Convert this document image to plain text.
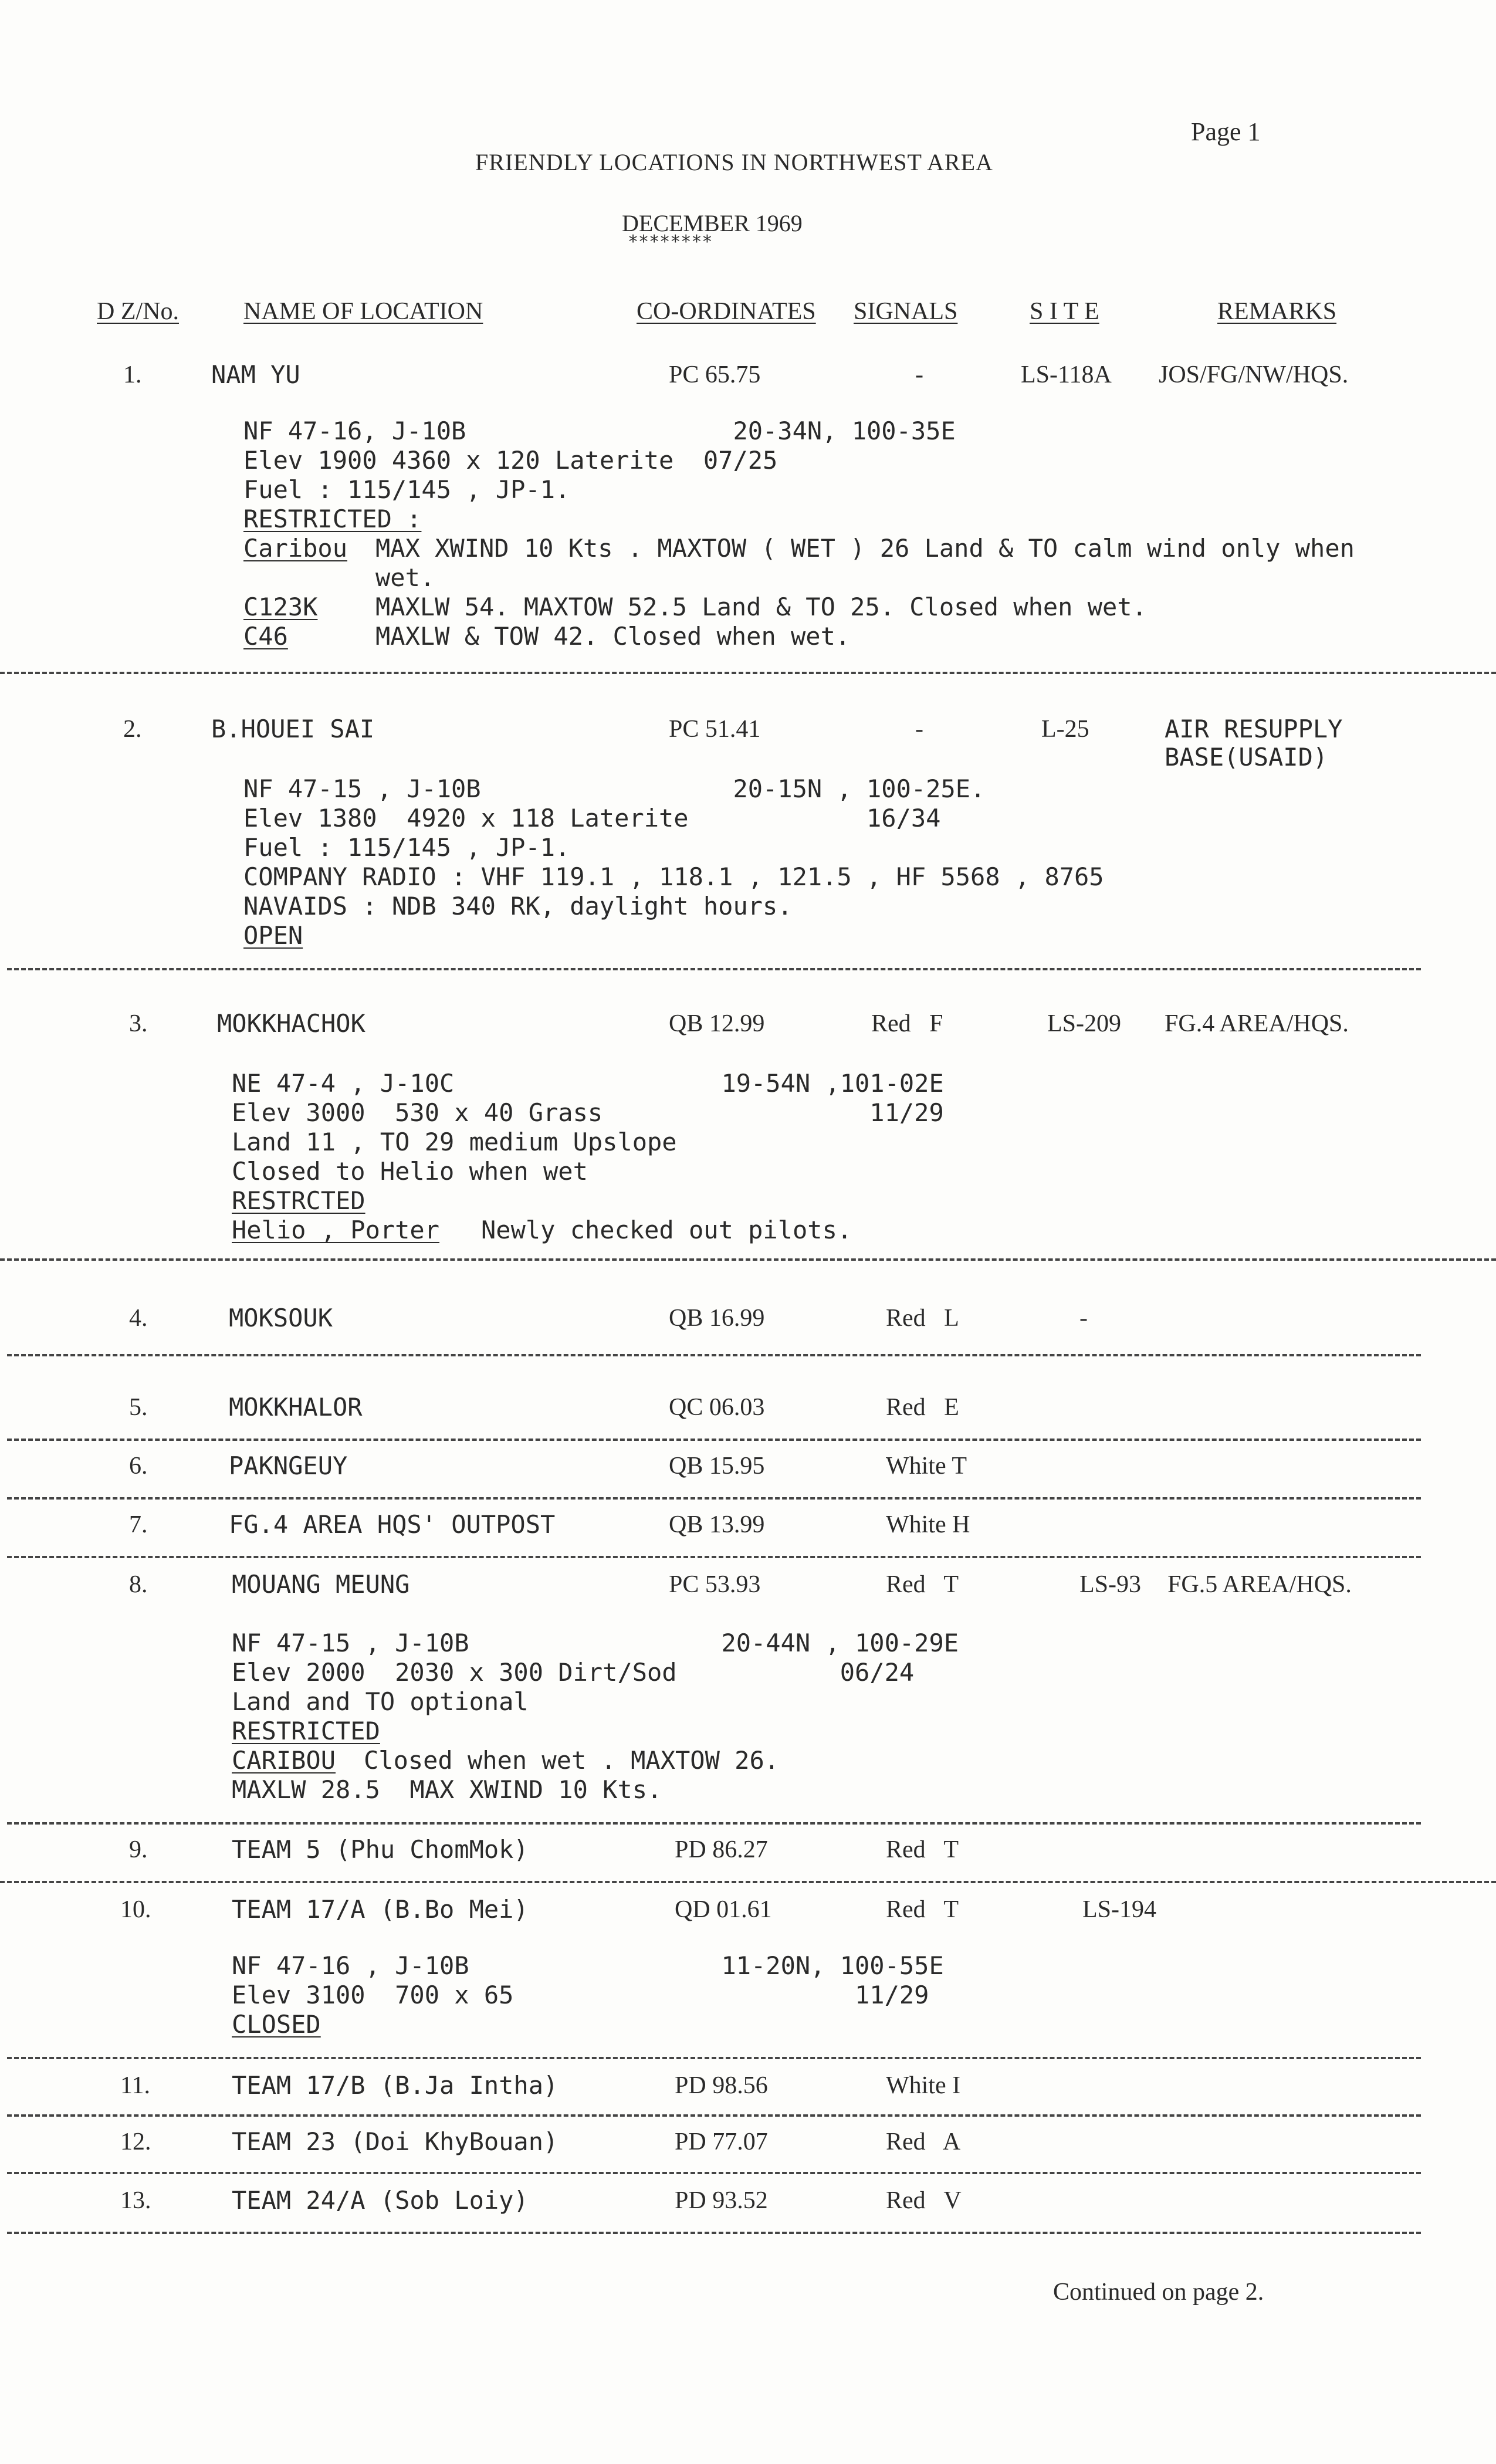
Page 1
FRIENDLY LOCATIONS IN NORTHWEST AREA
DECEMBER 1969
********
D Z/No.	NAME OF LOCATION	CO-ORDINATES SIGNALS	S I T E	REMARKS
1.	NAM YU	PC 65.75	-	LS-118A JOS/FG/NW/HQS.
NF 47-16, J-10B                  20-34N, 100-35E
Elev 1900 4360 x 120 Laterite  07/25
Fuel : 115/145 , JP-1.
RESTRICTED :
Caribou MAX XWIND 10 Kts . MAXTOW ( WET ) 26 Land & TO calm wind only when
wet.
C123K MAXLW 54. MAXTOW 52.5 Land & TO 25. Closed when wet.
C46	MAXLW & TOW 42. Closed when wet.
2.	B.HOUEI SAI	PC 51.41	-	L-25	AIR RESUPPLY
BASE(USAID)
NF 47-15 , J-10B                 20-15N , 100-25E.
Elev 1380  4920 x 118 Laterite            16/34
Fuel : 115/145 , JP-1.
COMPANY RADIO : VHF 119.1 , 118.1 , 121.5 , HF 5568 , 8765
NAVAIDS : NDB 340 RK, daylight hours.
OPEN
3.	MOKKHACHOK	QB 12.99	Red   F	LS-209 FG.4 AREA/HQS.
NE 47-4 , J-10C                  19-54N ,101-02E
Elev 3000  530 x 40 Grass                  11/29
Land 11 , TO 29 medium Upslope
Closed to Helio when wet
RESTRCTED
Helio , Porter Newly checked out pilots.
4.	MOKSOUK	QB 16.99	Red   L	-
5.	MOKKHALOR	QC 06.03	Red   E
6.	PAKNGEUY	QB 15.95	White T
7.	FG.4 AREA HQS' OUTPOST	QB 13.99	White H
8.	MOUANG MEUNG	PC 53.93	Red   T	LS-93 FG.5 AREA/HQS.
NF 47-15 , J-10B                 20-44N , 100-29E
Elev 2000  2030 x 300 Dirt/Sod           06/24
Land and TO optional
RESTRICTED
CARIBOU Closed when wet . MAXTOW 26.
MAXLW 28.5  MAX XWIND 10 Kts.
9.	TEAM 5 (Phu ChomMok)	PD 86.27	Red   T
10.	TEAM 17/A (B.Bo Mei)	QD 01.61	Red   T	LS-194
NF 47-16 , J-10B                 11-20N, 100-55E
Elev 3100  700 x 65                       11/29
CLOSED
11.	TEAM 17/B (B.Ja Intha)	PD 98.56	White I
12.	TEAM 23 (Doi KhyBouan)	PD 77.07	Red   A
13.	TEAM 24/A (Sob Loiy)	PD 93.52	Red   V
Continued on page 2.
